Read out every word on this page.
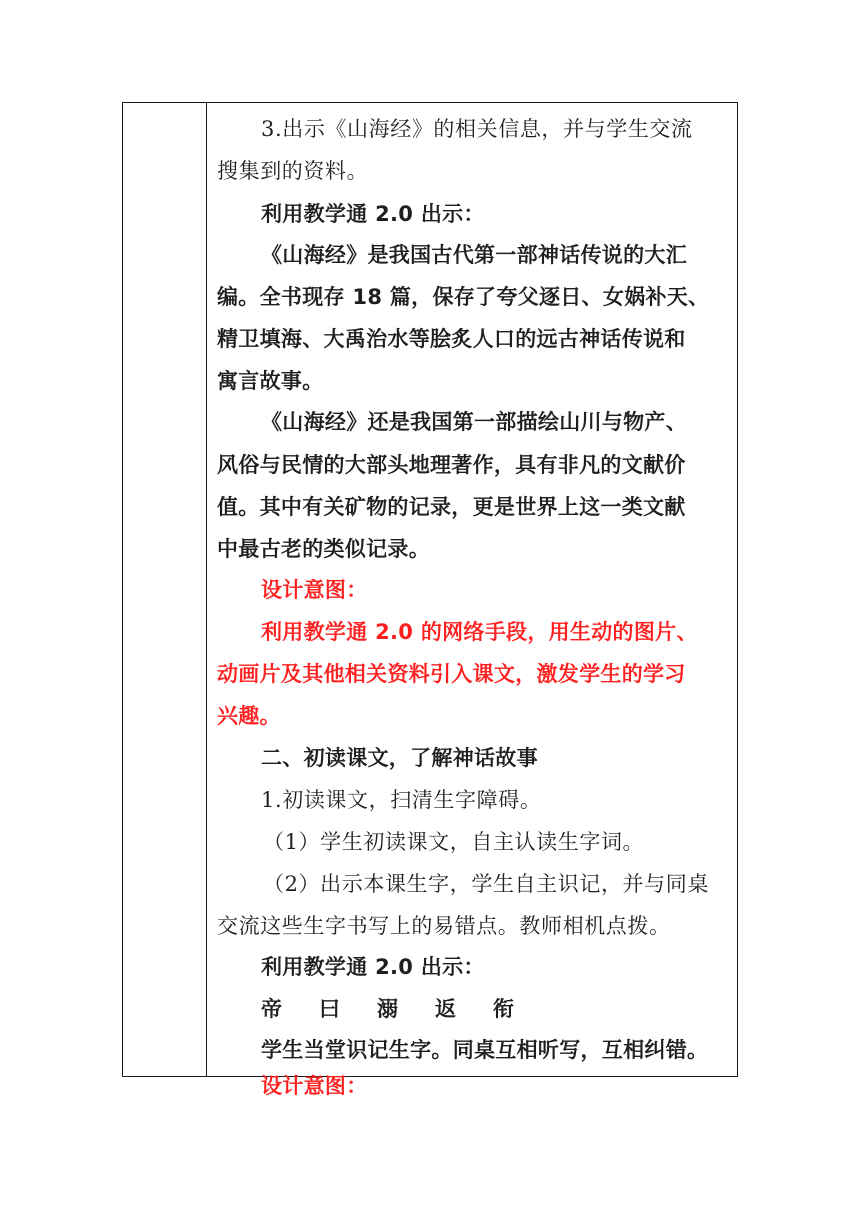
3.出示《山海经》的相关信息，并与学生交流
搜集到的资料。
利用教学通 2.0 出示：
《山海经》是我国古代第一部神话传说的大汇
编。全书现存 18 篇，保存了夸父逐日、女娲补天、
精卫填海、大禹治水等脍炙人口的远古神话传说和
寓言故事。
《山海经》还是我国第一部描绘山川与物产、
风俗与民情的大部头地理著作，具有非凡的文献价
值。其中有关矿物的记录，更是世界上这一类文献
中最古老的类似记录。
设计意图：
利用教学通 2.0 的网络手段，用生动的图片、
动画片及其他相关资料引入课文，激发学生的学习
兴趣。
二、初读课文，了解神话故事
1.初读课文，扫清生字障碍。
（1）学生初读课文，自主认读生字词。
（2）出示本课生字，学生自主识记，并与同桌
交流这些生字书写上的易错点。教师相机点拨。
利用教学通 2.0 出示：
帝 曰 溺 返 衔
学生当堂识记生字。同桌互相听写，互相纠错。
设计意图：
